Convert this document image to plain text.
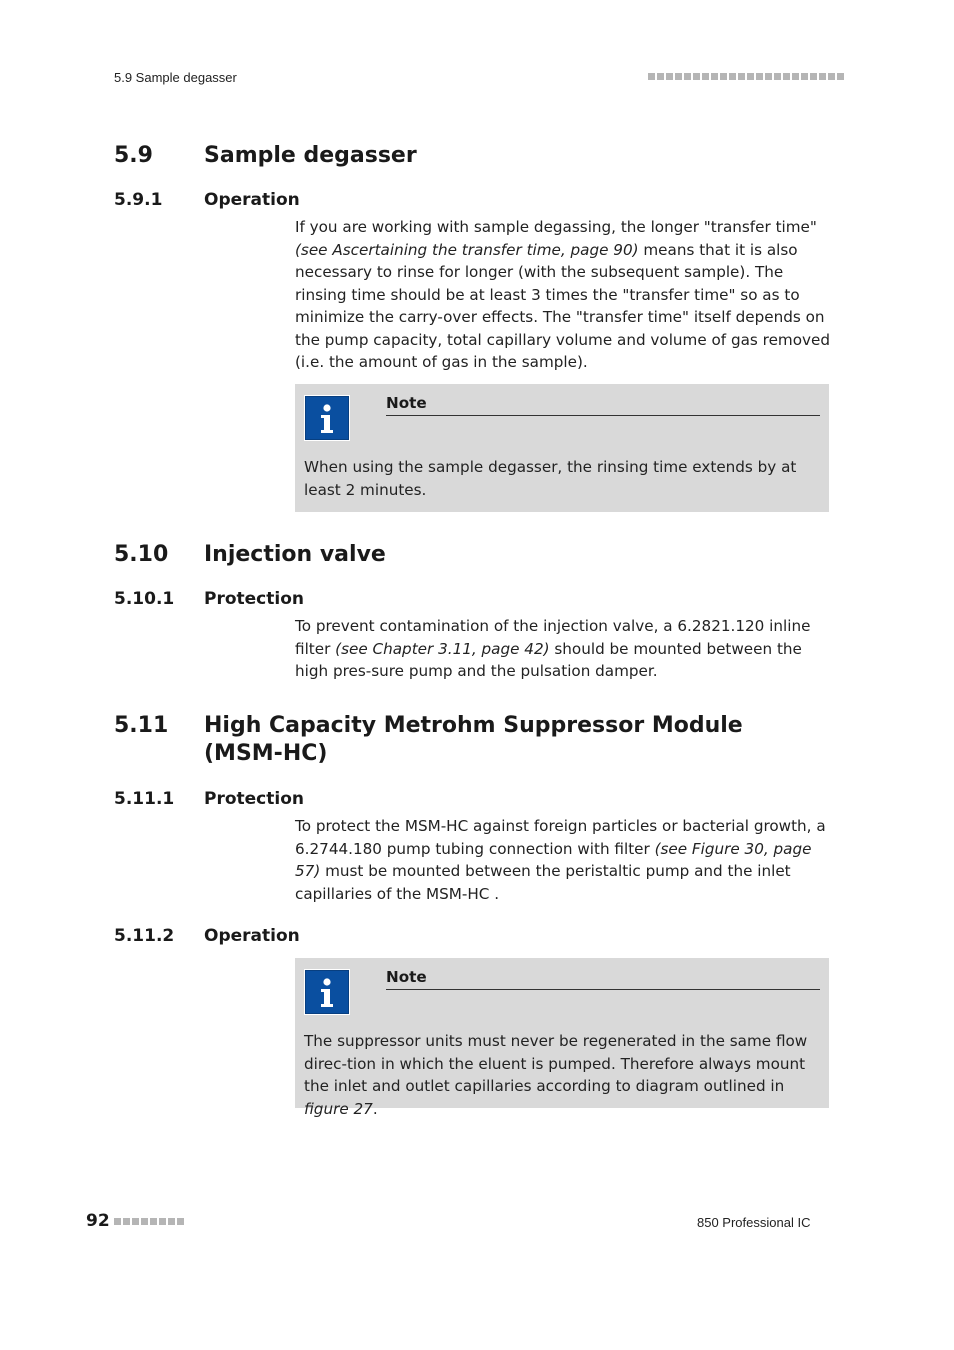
5.9 Sample degasser
5.9 Sample degasser
5.9.1 Operation

If you are working with sample degassing, the longer "transfer time" (see Ascertaining the transfer time, page 90) means that it is also necessary to rinse for longer (with the subsequent sample). The rinsing time should be at least 3 times the "transfer time" so as to minimize the carry-over effects. The "transfer time" itself depends on the pump capacity, total capillary volume and volume of gas removed (i.e. the amount of gas in the sample).

Note
When using the sample degasser, the rinsing time extends by at least 2 minutes.
5.10 Injection valve
5.10.1 Protection

To prevent contamination of the injection valve, a 6.2821.120 inline filter (see Chapter 3.11, page 42) should be mounted between the high pres-sure pump and the pulsation damper.

5.11 High Capacity Metrohm Suppressor Module
(MSM-HC)
5.11.1 Protection

To protect the MSM-HC against foreign particles or bacterial growth, a 6.2744.180 pump tubing connection with filter (see Figure 30, page 57) must be mounted between the peristaltic pump and the inlet capillaries of the MSM-HC .

5.11.2 Operation
Note
The suppressor units must never be regenerated in the same flow direc-tion in which the eluent is pumped. Therefore always mount the inlet and outlet capillaries according to diagram outlined in figure 27.
92	850 Professional IC
